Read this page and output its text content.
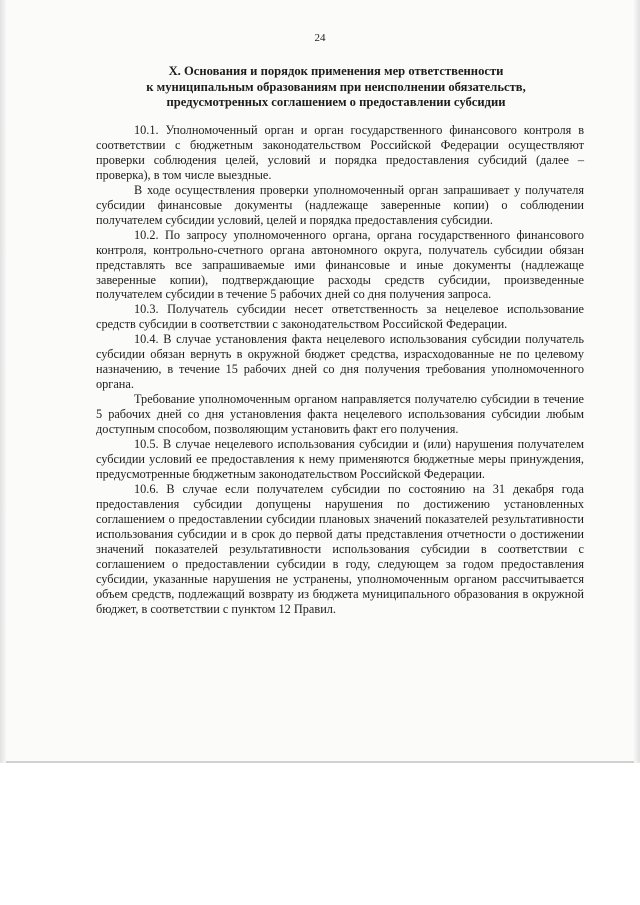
24
X. Основания и порядок применения мер ответственности
к муниципальным образованиям при неисполнении обязательств,
предусмотренных соглашением о предоставлении субсидии

10.1. Уполномоченный орган и орган государственного финансового контроля в соответствии с бюджетным законодательством Российской Федерации осуществляют проверки соблюдения целей, условий и порядка предоставления субсидий (далее – проверка), в том числе выездные.

В ходе осуществления проверки уполномоченный орган запрашивает у получателя субсидии финансовые документы (надлежаще заверенные копии) о соблюдении получателем субсидии условий, целей и порядка предоставления субсидии.

10.2. По запросу уполномоченного органа, органа государственного финансового контроля, контрольно-счетного органа автономного округа, получатель субсидии обязан представлять все запрашиваемые ими финансовые и иные документы (надлежаще заверенные копии), подтверждающие расходы средств субсидии, произведенные получателем субсидии в течение 5 рабочих дней со дня получения запроса.

10.3. Получатель субсидии несет ответственность за нецелевое использование средств субсидии в соответствии с законодательством Российской Федерации.

10.4. В случае установления факта нецелевого использования субсидии получатель субсидии обязан вернуть в окружной бюджет средства, израсходованные не по целевому назначению, в течение 15 рабочих дней со дня получения требования уполномоченного органа.

Требование уполномоченным органом направляется получателю субсидии в течение 5 рабочих дней со дня установления факта нецелевого использования субсидии любым доступным способом, позволяющим установить факт его получения.

10.5. В случае нецелевого использования субсидии и (или) нарушения получателем субсидии условий ее предоставления к нему применяются бюджетные меры принуждения, предусмотренные бюджетным законодательством Российской Федерации.

10.6. В случае если получателем субсидии по состоянию на 31 декабря года предоставления субсидии допущены нарушения по достижению установленных соглашением о предоставлении субсидии плановых значений показателей результативности использования субсидии и в срок до первой даты представления отчетности о достижении значений показателей результативности использования субсидии в соответствии с соглашением о предоставлении субсидии в году, следующем за годом предоставления субсидии, указанные нарушения не устранены, уполномоченным органом рассчитывается объем средств, подлежащий возврату из бюджета муниципального образования в окружной бюджет, в соответствии с пунктом 12 Правил.
